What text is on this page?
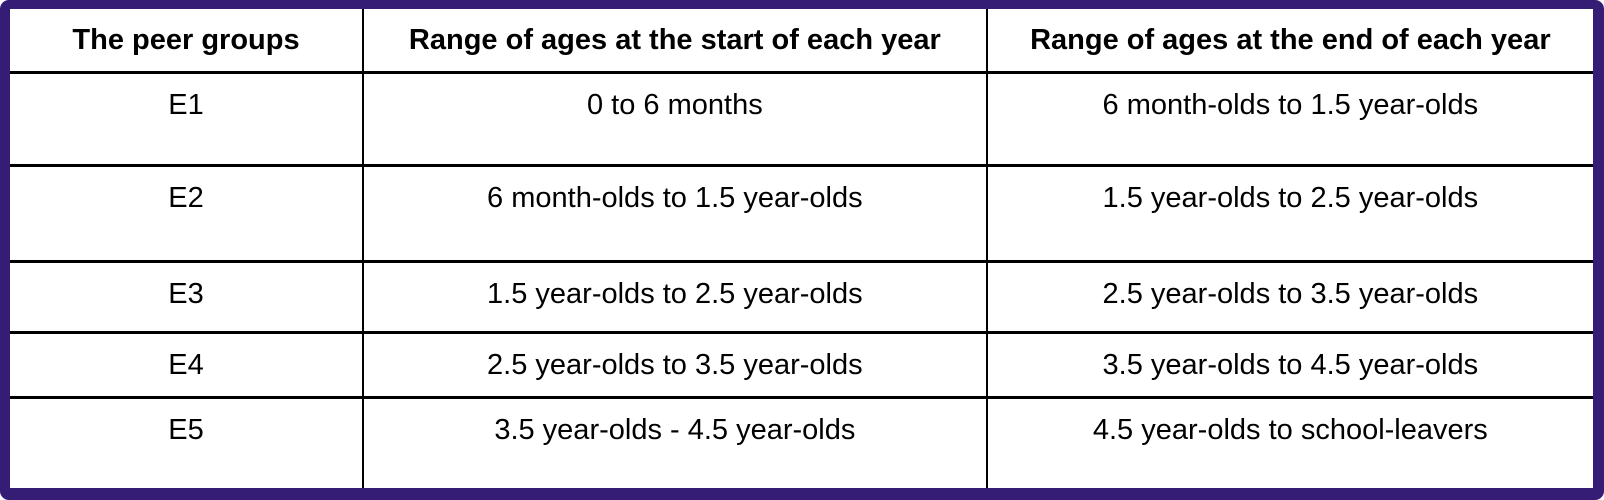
The peer groups	Range of ages at the start of each year	Range of ages at the end of each year
E1	0 to 6 months	6 month-olds to 1.5 year-olds
E2	6 month-olds to 1.5 year-olds	1.5 year-olds to 2.5 year-olds
E3	1.5 year-olds to 2.5 year-olds	2.5 year-olds to 3.5 year-olds
E4	2.5 year-olds to 3.5 year-olds	3.5 year-olds to 4.5 year-olds
E5	3.5 year-olds - 4.5 year-olds	4.5 year-olds to school-leavers
